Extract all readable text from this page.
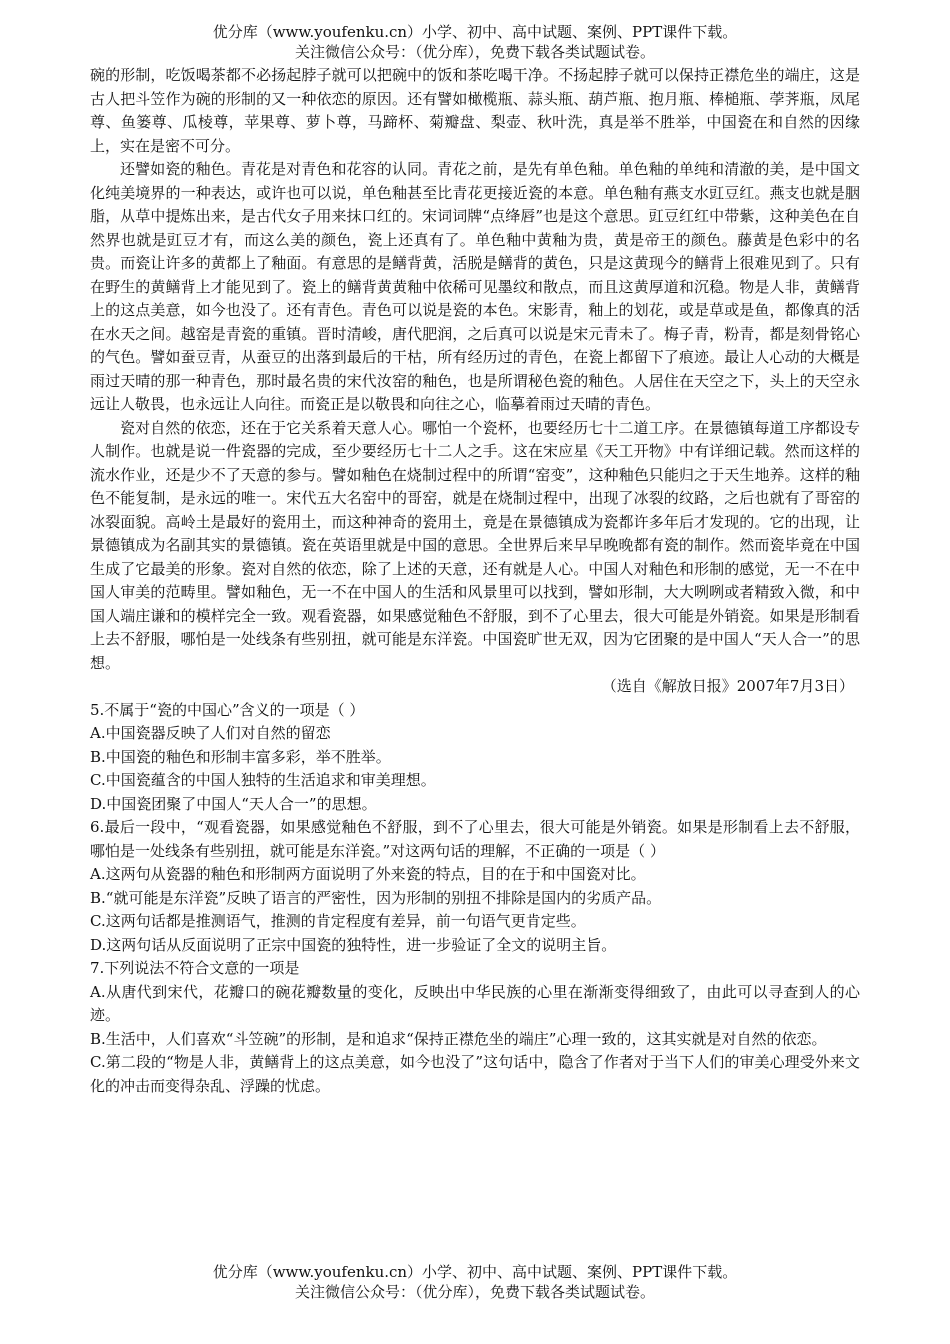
优分库（www.youfenku.cn）小学、初中、高中试题、案例、PPT课件下载。
关注微信公众号：（优分库），免费下载各类试题试卷。

碗的形制，吃饭喝茶都不必扬起脖子就可以把碗中的饭和茶吃喝干净。不扬起脖子就可以保持正襟危坐的端庄，这是古人把斗笠作为碗的形制的又一种依恋的原因。还有譬如橄榄瓶、蒜头瓶、葫芦瓶、抱月瓶、棒槌瓶、荸荠瓶，凤尾尊、鱼篓尊、瓜棱尊，苹果尊、萝卜尊，马蹄杯、菊瓣盘、梨壶、秋叶洗，真是举不胜举，中国瓷在和自然的因缘上，实在是密不可分。

还譬如瓷的釉色。青花是对青色和花容的认同。青花之前，是先有单色釉。单色釉的单纯和清澈的美，是中国文化纯美境界的一种表达，或许也可以说，单色釉甚至比青花更接近瓷的本意。单色釉有燕支水豇豆红。燕支也就是胭脂，从草中提炼出来，是古代女子用来抹口红的。宋词词牌“点绛唇”也是这个意思。豇豆红红中带紫，这种美色在自然界也就是豇豆才有，而这么美的颜色，瓷上还真有了。单色釉中黄釉为贵，黄是帝王的颜色。藤黄是色彩中的名贵。而瓷让许多的黄都上了釉面。有意思的是鳝背黄，活脱是鳝背的黄色，只是这黄现今的鳝背上很难见到了。只有在野生的黄鳝背上才能见到了。瓷上的鳝背黄黄釉中依稀可见墨纹和散点，而且这黄厚道和沉稳。物是人非，黄鳝背上的这点美意，如今也没了。还有青色。青色可以说是瓷的本色。宋影青，釉上的划花，或是草或是鱼，都像真的活在水天之间。越窑是青瓷的重镇。晋时清峻，唐代肥润，之后真可以说是宋元青未了。梅子青，粉青，都是刻骨铭心的气色。譬如蚕豆青，从蚕豆的出落到最后的干枯，所有经历过的青色，在瓷上都留下了痕迹。最让人心动的大概是雨过天晴的那一种青色，那时最名贵的宋代汝窑的釉色，也是所谓秘色瓷的釉色。人居住在天空之下，头上的天空永远让人敬畏，也永远让人向往。而瓷正是以敬畏和向往之心，临摹着雨过天晴的青色。

瓷对自然的依恋，还在于它关系着天意人心。哪怕一个瓷杯，也要经历七十二道工序。在景德镇每道工序都设专人制作。也就是说一件瓷器的完成，至少要经历七十二人之手。这在宋应星《天工开物》中有详细记载。然而这样的流水作业，还是少不了天意的参与。譬如釉色在烧制过程中的所谓“窑变”，这种釉色只能归之于天生地养。这样的釉色不能复制，是永远的唯一。宋代五大名窑中的哥窑，就是在烧制过程中，出现了冰裂的纹路，之后也就有了哥窑的冰裂面貌。高岭土是最好的瓷用土，而这种神奇的瓷用土，竟是在景德镇成为瓷都许多年后才发现的。它的出现，让景德镇成为名副其实的景德镇。瓷在英语里就是中国的意思。全世界后来早早晚晚都有瓷的制作。然而瓷毕竟在中国生成了它最美的形象。瓷对自然的依恋，除了上述的天意，还有就是人心。中国人对釉色和形制的感觉，无一不在中国人审美的范畴里。譬如釉色，无一不在中国人的生活和风景里可以找到，譬如形制，大大咧咧或者精致入微，和中国人端庄谦和的模样完全一致。观看瓷器，如果感觉釉色不舒服，到不了心里去，很大可能是外销瓷。如果是形制看上去不舒服，哪怕是一处线条有些别扭，就可能是东洋瓷。中国瓷旷世无双，因为它团聚的是中国人“天人合一”的思想。

（选自《解放日报》2007年7月3日）

5.不属于“瓷的中国心”含义的一项是（ ）

A.中国瓷器反映了人们对自然的留恋

B.中国瓷的釉色和形制丰富多彩，举不胜举。

C.中国瓷蕴含的中国人独特的生活追求和审美理想。

D.中国瓷团聚了中国人“天人合一”的思想。

6.最后一段中，“观看瓷器，如果感觉釉色不舒服，到不了心里去，很大可能是外销瓷。如果是形制看上去不舒服，哪怕是一处线条有些别扭，就可能是东洋瓷。”对这两句话的理解，不正确的一项是（ ）

A.这两句从瓷器的釉色和形制两方面说明了外来瓷的特点，目的在于和中国瓷对比。

B.“就可能是东洋瓷”反映了语言的严密性，因为形制的别扭不排除是国内的劣质产品。

C.这两句话都是推测语气，推测的肯定程度有差异，前一句语气更肯定些。

D.这两句话从反面说明了正宗中国瓷的独特性，进一步验证了全文的说明主旨。

7.下列说法不符合文意的一项是

A.从唐代到宋代，花瓣口的碗花瓣数量的变化，反映出中华民族的心里在渐渐变得细致了，由此可以寻查到人的心迹。

B.生活中，人们喜欢“斗笠碗”的形制，是和追求“保持正襟危坐的端庄”心理一致的，这其实就是对自然的依恋。

C.第二段的“物是人非，黄鳝背上的这点美意，如今也没了”这句话中，隐含了作者对于当下人们的审美心理受外来文化的冲击而变得杂乱、浮躁的忧虑。

优分库（www.youfenku.cn）小学、初中、高中试题、案例、PPT课件下载。
关注微信公众号：（优分库），免费下载各类试题试卷。
